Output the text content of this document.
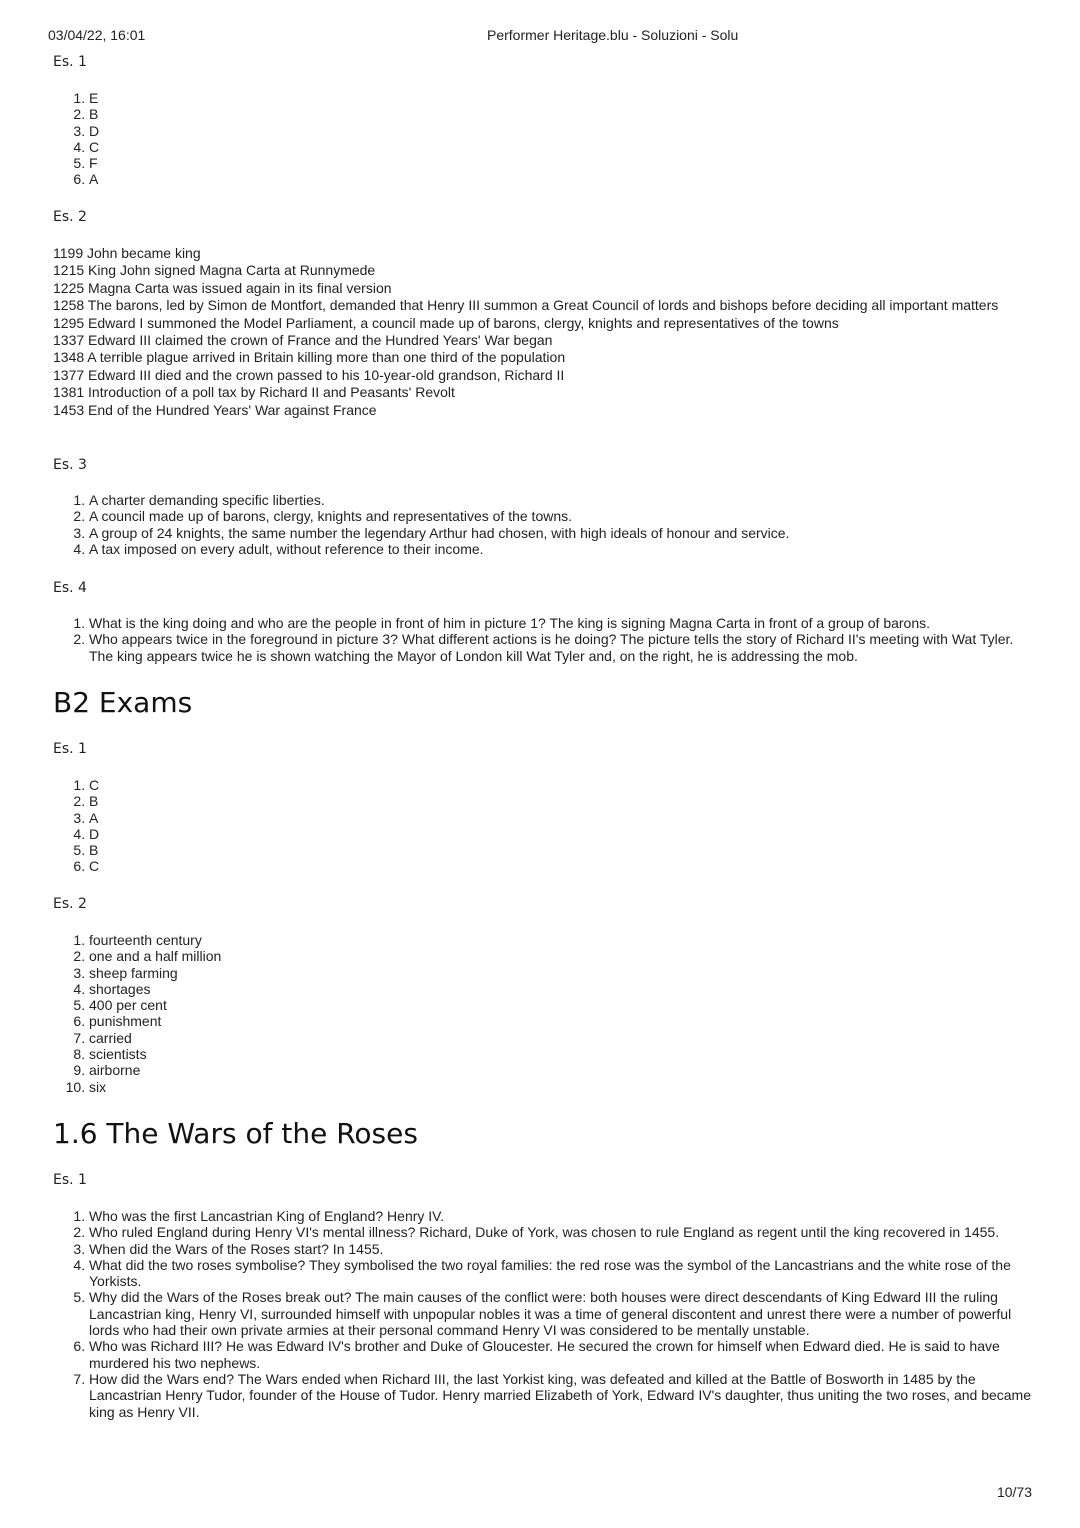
03/04/22, 16:01	Performer Heritage.blu - Soluzioni - Solu
Es. 1
1. E
2. B
3. D
4. C
5. F
6. A
Es. 2
1199 John became king
1215 King John signed Magna Carta at Runnymede
1225 Magna Carta was issued again in its final version
1258 The barons, led by Simon de Montfort, demanded that Henry III summon a Great Council of lords and bishops before deciding all important matters
1295 Edward I summoned the Model Parliament, a council made up of barons, clergy, knights and representatives of the towns
1337 Edward III claimed the crown of France and the Hundred Years' War began
1348 A terrible plague arrived in Britain killing more than one third of the population
1377 Edward III died and the crown passed to his 10-year-old grandson, Richard II
1381 Introduction of a poll tax by Richard II and Peasants' Revolt
1453 End of the Hundred Years' War against France
Es. 3
1. A charter demanding specific liberties.
2. A council made up of barons, clergy, knights and representatives of the towns.
3. A group of 24 knights, the same number the legendary Arthur had chosen, with high ideals of honour and service.
4. A tax imposed on every adult, without reference to their income.
Es. 4
1. What is the king doing and who are the people in front of him in picture 1? The king is signing Magna Carta in front of a group of barons.
2. Who appears twice in the foreground in picture 3? What different actions is he doing? The picture tells the story of Richard II's meeting with Wat Tyler. The king appears twice he is shown watching the Mayor of London kill Wat Tyler and, on the right, he is addressing the mob.
B2 Exams
Es. 1
1. C
2. B
3. A
4. D
5. B
6. C
Es. 2
1. fourteenth century
2. one and a half million
3. sheep farming
4. shortages
5. 400 per cent
6. punishment
7. carried
8. scientists
9. airborne
10. six
1.6 The Wars of the Roses
Es. 1
1. Who was the first Lancastrian King of England? Henry IV.
2. Who ruled England during Henry VI's mental illness? Richard, Duke of York, was chosen to rule England as regent until the king recovered in 1455.
3. When did the Wars of the Roses start? In 1455.
4. What did the two roses symbolise? They symbolised the two royal families: the red rose was the symbol of the Lancastrians and the white rose of the Yorkists.
5. Why did the Wars of the Roses break out? The main causes of the conflict were: both houses were direct descendants of King Edward III the ruling Lancastrian king, Henry VI, surrounded himself with unpopular nobles it was a time of general discontent and unrest there were a number of powerful lords who had their own private armies at their personal command Henry VI was considered to be mentally unstable.
6. Who was Richard III? He was Edward IV's brother and Duke of Gloucester. He secured the crown for himself when Edward died. He is said to have murdered his two nephews.
7. How did the Wars end? The Wars ended when Richard III, the last Yorkist king, was defeated and killed at the Battle of Bosworth in 1485 by the Lancastrian Henry Tudor, founder of the House of Tudor. Henry married Elizabeth of York, Edward IV's daughter, thus uniting the two roses, and became king as Henry VII.
10/73
